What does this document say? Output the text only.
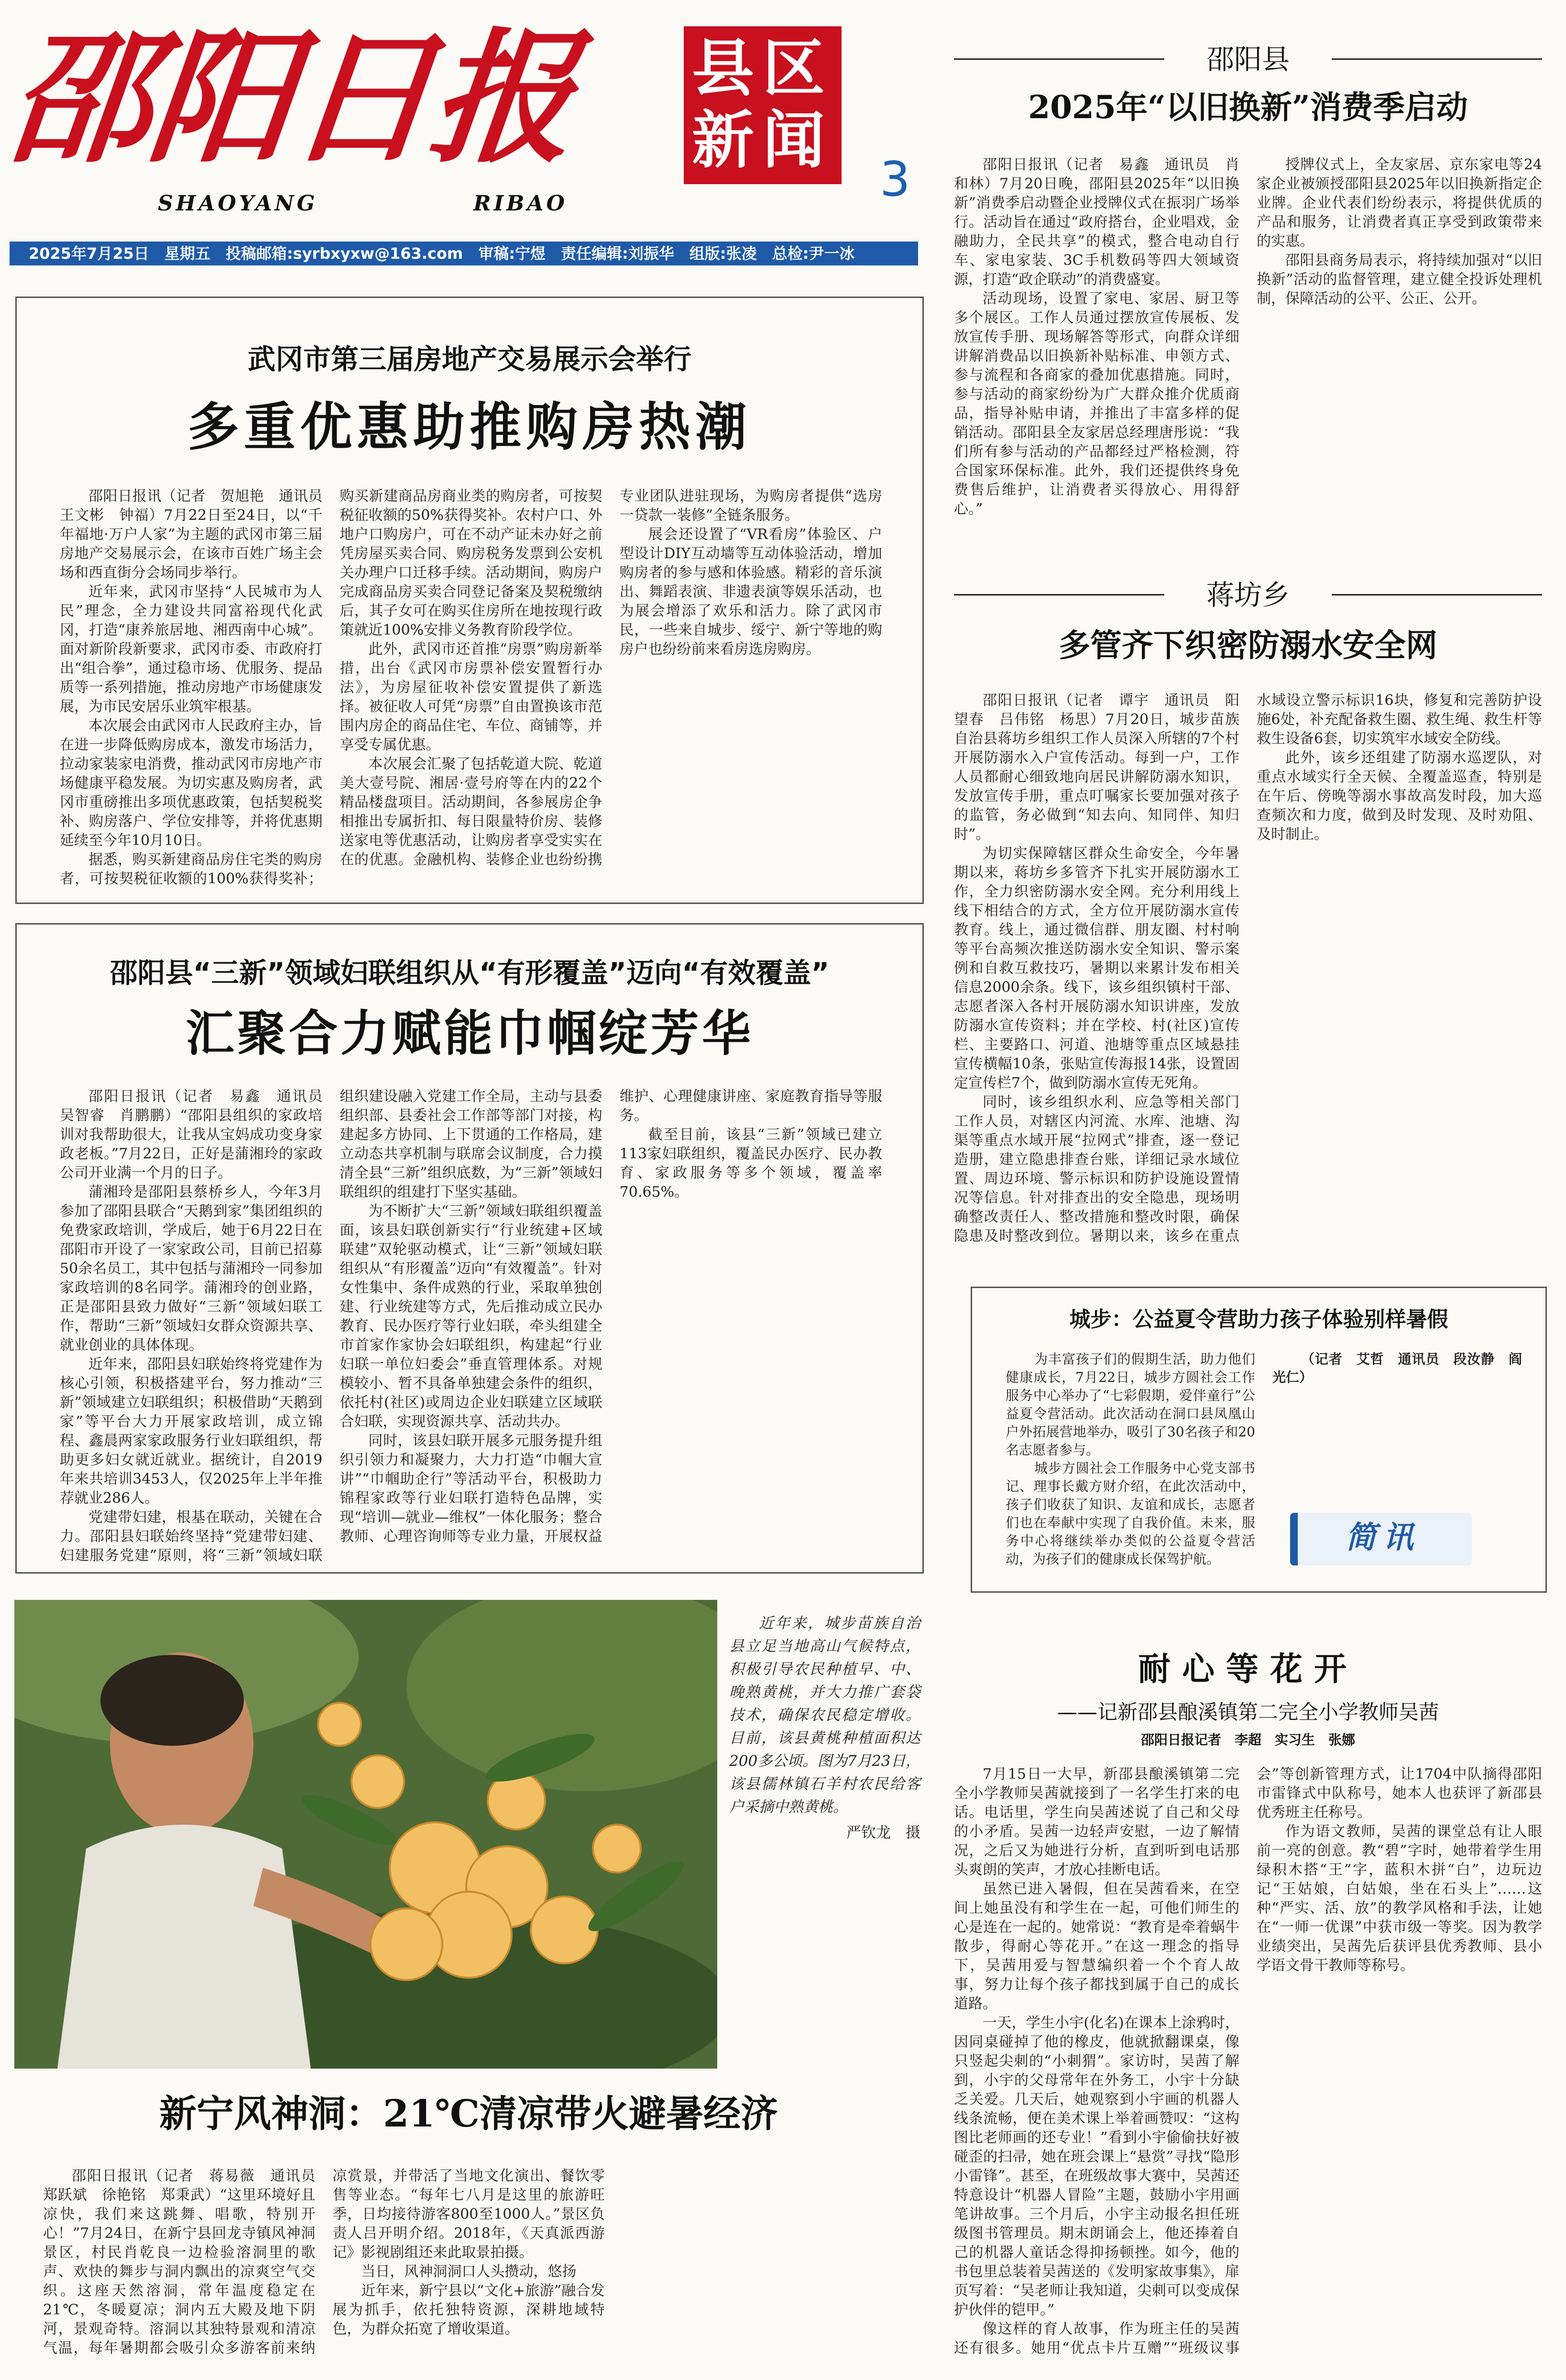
邵阳日报
SHAOYANG	RIBAO
县区
新闻
3
2025年7月25日　星期五　投稿邮箱:syrbxyxw@163.com　审稿:宁煜　责任编辑:刘振华　组版:张凌　总检:尹一冰
武冈市第三届房地产交易展示会举行
多重优惠助推购房热潮

邵阳日报讯（记者　贺旭艳　通讯员　王文彬　钟福）7月22日至24日，以“千年福地·万户人家”为主题的武冈市第三届房地产交易展示会，在该市百姓广场主会场和西直街分会场同步举行。

近年来，武冈市坚持“人民城市为人民”理念，全力建设共同富裕现代化武冈，打造“康养旅居地、湘西南中心城”。面对新阶段新要求，武冈市委、市政府打出“组合拳”，通过稳市场、优服务、提品质等一系列措施，推动房地产市场健康发展，为市民安居乐业筑牢根基。

本次展会由武冈市人民政府主办，旨在进一步降低购房成本，激发市场活力，拉动家装家电消费，推动武冈市房地产市场健康平稳发展。为切实惠及购房者，武冈市重磅推出多项优惠政策，包括契税奖补、购房落户、学位安排等，并将优惠期延续至今年10月10日。

据悉，购买新建商品房住宅类的购房者，可按契税征收额的100%获得奖补；购买新建商品房商业类的购房者，可按契税征收额的50%获得奖补。农村户口、外地户口购房户，可在不动产证未办好之前凭房屋买卖合同、购房税务发票到公安机关办理户口迁移手续。活动期间，购房户完成商品房买卖合同登记备案及契税缴纳后，其子女可在购买住房所在地按现行政策就近100%安排义务教育阶段学位。

此外，武冈市还首推“房票”购房新举措，出台《武冈市房票补偿安置暂行办法》，为房屋征收补偿安置提供了新选择。被征收人可凭“房票”自由置换该市范围内房企的商品住宅、车位、商铺等，并享受专属优惠。

本次展会汇聚了包括乾道大院、乾道美大壹号院、湘居·壹号府等在内的22个精品楼盘项目。活动期间，各参展房企争相推出专属折扣、每日限量特价房、装修送家电等优惠活动，让购房者享受实实在在的优惠。金融机构、装修企业也纷纷携专业团队进驻现场，为购房者提供“选房一贷款一装修”全链条服务。

展会还设置了“VR看房”体验区、户型设计DIY互动墙等互动体验活动，增加购房者的参与感和体验感。精彩的音乐演出、舞蹈表演、非遗表演等娱乐活动，也为展会增添了欢乐和活力。除了武冈市民，一些来自城步、绥宁、新宁等地的购房户也纷纷前来看房选房购房。

邵阳县“三新”领域妇联组织从“有形覆盖”迈向“有效覆盖”
汇聚合力赋能巾帼绽芳华

邵阳日报讯（记者　易鑫　通讯员　吴智睿　肖鹏鹏）“邵阳县组织的家政培训对我帮助很大，让我从宝妈成功变身家政老板。”7月22日，正好是蒲湘玲的家政公司开业满一个月的日子。

蒲湘玲是邵阳县蔡桥乡人，今年3月参加了邵阳县联合“天鹅到家”集团组织的免费家政培训，学成后，她于6月22日在邵阳市开设了一家家政公司，目前已招募50余名员工，其中包括与蒲湘玲一同参加家政培训的8名同学。蒲湘玲的创业路，正是邵阳县致力做好“三新”领域妇联工作，帮助“三新”领域妇女群众资源共享、就业创业的具体体现。

近年来，邵阳县妇联始终将党建作为核心引领，积极搭建平台，努力推动“三新”领域建立妇联组织；积极借助“天鹅到家”等平台大力开展家政培训，成立锦程、鑫晨两家家政服务行业妇联组织，帮助更多妇女就近就业。据统计，自2019年来共培训3453人，仅2025年上半年推荐就业286人。

党建带妇建，根基在联动，关键在合力。邵阳县妇联始终坚持“党建带妇建、妇建服务党建”原则，将“三新”领域妇联组织建设融入党建工作全局，主动与县委组织部、县委社会工作部等部门对接，构建起多方协同、上下贯通的工作格局，建立动态共享机制与联席会议制度，合力摸清全县“三新”组织底数，为“三新”领域妇联组织的组建打下坚实基础。

为不断扩大“三新”领域妇联组织覆盖面，该县妇联创新实行“行业统建+区域联建”双轮驱动模式，让“三新”领域妇联组织从“有形覆盖”迈向“有效覆盖”。针对女性集中、条件成熟的行业，采取单独创建、行业统建等方式，先后推动成立民办教育、民办医疗等行业妇联，牵头组建全市首家作家协会妇联组织，构建起“行业妇联一单位妇委会”垂直管理体系。对规模较小、暂不具备单独建会条件的组织，依托村(社区)或周边企业妇联建立区域联合妇联，实现资源共享、活动共办。

同时，该县妇联开展多元服务提升组织引领力和凝聚力，大力打造“巾帼大宣讲”“巾帼助企行”等活动平台，积极助力锦程家政等行业妇联打造特色品牌，实现“培训—就业—维权”一体化服务；整合教师、心理咨询师等专业力量，开展权益维护、心理健康讲座、家庭教育指导等服务。

截至目前，该县“三新”领域已建立113家妇联组织，覆盖民办医疗、民办教育、家政服务等多个领域，覆盖率70.65%。

近年来，城步苗族自治县立足当地高山气候特点，积极引导农民种植早、中、晚熟黄桃，并大力推广套袋技术，确保农民稳定增收。目前，该县黄桃种植面积达200多公顷。图为7月23日，该县儒林镇石羊村农民给客户采摘中熟黄桃。
严钦龙　摄
新宁风神洞：21℃清凉带火避暑经济

邵阳日报讯（记者　蒋易薇　通讯员　郑跃斌　徐艳铭　郑秉武）“这里环境好且凉快，我们来这跳舞、唱歌，特别开心！”7月24日，在新宁县回龙寺镇风神洞景区，村民肖乾良一边检验溶洞里的歌声、欢快的舞步与洞内飘出的凉爽空气交织。这座天然溶洞，常年温度稳定在21℃，冬暖夏凉；洞内五大殿及地下阴河，景观奇特。溶洞以其独特景观和清凉气温，每年暑期都会吸引众多游客前来纳凉赏景，并带活了当地文化演出、餐饮零售等业态。“每年七八月是这里的旅游旺季，日均接待游客800至1000人。”景区负责人吕开明介绍。2018年，《天真派西游记》影视剧组还来此取景拍摄。

当日，风神洞洞口人头攒动，悠扬

近年来，新宁县以“文化+旅游”融合发展为抓手，依托独特资源，深耕地域特色，为群众拓宽了增收渠道。

邵阳县
2025年“以旧换新”消费季启动

邵阳日报讯（记者　易鑫　通讯员　肖和林）7月20日晚，邵阳县2025年“以旧换新”消费季启动暨企业授牌仪式在振羽广场举行。活动旨在通过“政府搭台，企业唱戏，金融助力，全民共享”的模式，整合电动自行车、家电家装、3C手机数码等四大领域资源，打造“政企联动”的消费盛宴。

活动现场，设置了家电、家居、厨卫等多个展区。工作人员通过摆放宣传展板、发放宣传手册、现场解答等形式，向群众详细讲解消费品以旧换新补贴标准、申领方式、参与流程和各商家的叠加优惠措施。同时，参与活动的商家纷纷为广大群众推介优质商品，指导补贴申请，并推出了丰富多样的促销活动。邵阳县全友家居总经理唐彤说：“我们所有参与活动的产品都经过严格检测，符合国家环保标准。此外，我们还提供终身免费售后维护，让消费者买得放心、用得舒心。”

授牌仪式上，全友家居、京东家电等24家企业被颁授邵阳县2025年以旧换新指定企业牌。企业代表们纷纷表示，将提供优质的产品和服务，让消费者真正享受到政策带来的实惠。

邵阳县商务局表示，将持续加强对“以旧换新”活动的监督管理，建立健全投诉处理机制，保障活动的公平、公正、公开。

蒋坊乡
多管齐下织密防溺水安全网

邵阳日报讯（记者　谭宇　通讯员　阳望春　吕伟铭　杨思）7月20日，城步苗族自治县蒋坊乡组织工作人员深入所辖的7个村开展防溺水入户宣传活动。每到一户，工作人员都耐心细致地向居民讲解防溺水知识，发放宣传手册，重点叮嘱家长要加强对孩子的监管，务必做到“知去向、知同伴、知归时”。

为切实保障辖区群众生命安全，今年暑期以来，蒋坊乡多管齐下扎实开展防溺水工作，全力织密防溺水安全网。充分利用线上线下相结合的方式，全方位开展防溺水宣传教育。线上，通过微信群、朋友圈、村村响等平台高频次推送防溺水安全知识、警示案例和自救互救技巧，暑期以来累计发布相关信息2000余条。线下，该乡组织镇村干部、志愿者深入各村开展防溺水知识讲座，发放防溺水宣传资料；并在学校、村(社区)宣传栏、主要路口、河道、池塘等重点区域悬挂宣传横幅10条，张贴宣传海报14张，设置固定宣传栏7个，做到防溺水宣传无死角。

同时，该乡组织水利、应急等相关部门工作人员，对辖区内河流、水库、池塘、沟渠等重点水域开展“拉网式”排查，逐一登记造册，建立隐患排查台账，详细记录水域位置、周边环境、警示标识和防护设施设置情况等信息。针对排查出的安全隐患，现场明确整改责任人、整改措施和整改时限，确保隐患及时整改到位。暑期以来，该乡在重点水域设立警示标识16块，修复和完善防护设施6处，补充配备救生圈、救生绳、救生杆等救生设备6套，切实筑牢水域安全防线。

此外，该乡还组建了防溺水巡逻队，对重点水域实行全天候、全覆盖巡查，特别是在午后、傍晚等溺水事故高发时段，加大巡查频次和力度，做到及时发现、及时劝阻、及时制止。

城步：公益夏令营助力孩子体验别样暑假

为丰富孩子们的假期生活，助力他们健康成长，7月22日，城步方圆社会工作服务中心举办了“七彩假期，爱伴童行”公益夏令营活动。此次活动在洞口县凤凰山户外拓展营地举办，吸引了30名孩子和20名志愿者参与。

城步方圆社会工作服务中心党支部书记、理事长戴方财介绍，在此次活动中，孩子们收获了知识、友谊和成长，志愿者们也在奉献中实现了自我价值。未来，服务中心将继续举办类似的公益夏令营活动，为孩子们的健康成长保驾护航。

（记者　艾哲　通讯员　段汝静　阎光仁）

简讯
耐心等花开
——记新邵县酿溪镇第二完全小学教师吴茜
邵阳日报记者　李超　实习生　张娜

7月15日一大早，新邵县酿溪镇第二完全小学教师吴茜就接到了一名学生打来的电话。电话里，学生向吴茜述说了自己和父母的小矛盾。吴茜一边轻声安慰，一边了解情况，之后又为她进行分析，直到听到电话那头爽朗的笑声，才放心挂断电话。

虽然已进入暑假，但在吴茜看来，在空间上她虽没有和学生在一起，可他们师生的心是连在一起的。她常说：“教育是牵着蜗牛散步，得耐心等花开。”在这一理念的指导下，吴茜用爱与智慧编织着一个个育人故事，努力让每个孩子都找到属于自己的成长道路。

一天，学生小宇(化名)在课本上涂鸦时，因同桌碰掉了他的橡皮，他就掀翻课桌，像只竖起尖刺的“小刺猬”。家访时，吴茜了解到，小宇的父母常年在外务工，小宇十分缺乏关爱。几天后，她观察到小宇画的机器人线条流畅，便在美术课上举着画赞叹：“这构图比老师画的还专业！”看到小宇偷偷扶好被碰歪的扫帚，她在班会课上“悬赏”寻找“隐形小雷锋”。甚至，在班级故事大赛中，吴茜还特意设计“机器人冒险”主题，鼓励小宇用画笔讲故事。三个月后，小宇主动报名担任班级图书管理员。期末朗诵会上，他还捧着自己的机器人童话念得抑扬顿挫。如今，他的书包里总装着吴茜送的《发明家故事集》，扉页写着：“吴老师让我知道，尖刺可以变成保护伙伴的铠甲。”

像这样的育人故事，作为班主任的吴茜还有很多。她用“优点卡片互赠”“班级议事会”等创新管理方式，让1704中队摘得邵阳市雷锋式中队称号，她本人也获评了新邵县优秀班主任称号。

作为语文教师，吴茜的课堂总有让人眼前一亮的创意。教“碧”字时，她带着学生用绿积木搭“王”字，蓝积木拼“白”，边玩边记“王姑娘，白姑娘，坐在石头上”……这种“严实、活、放”的教学风格和手法，让她在“一师一优课”中获市级一等奖。因为教学业绩突出，吴茜先后获评县优秀教师、县小学语文骨干教师等称号。
